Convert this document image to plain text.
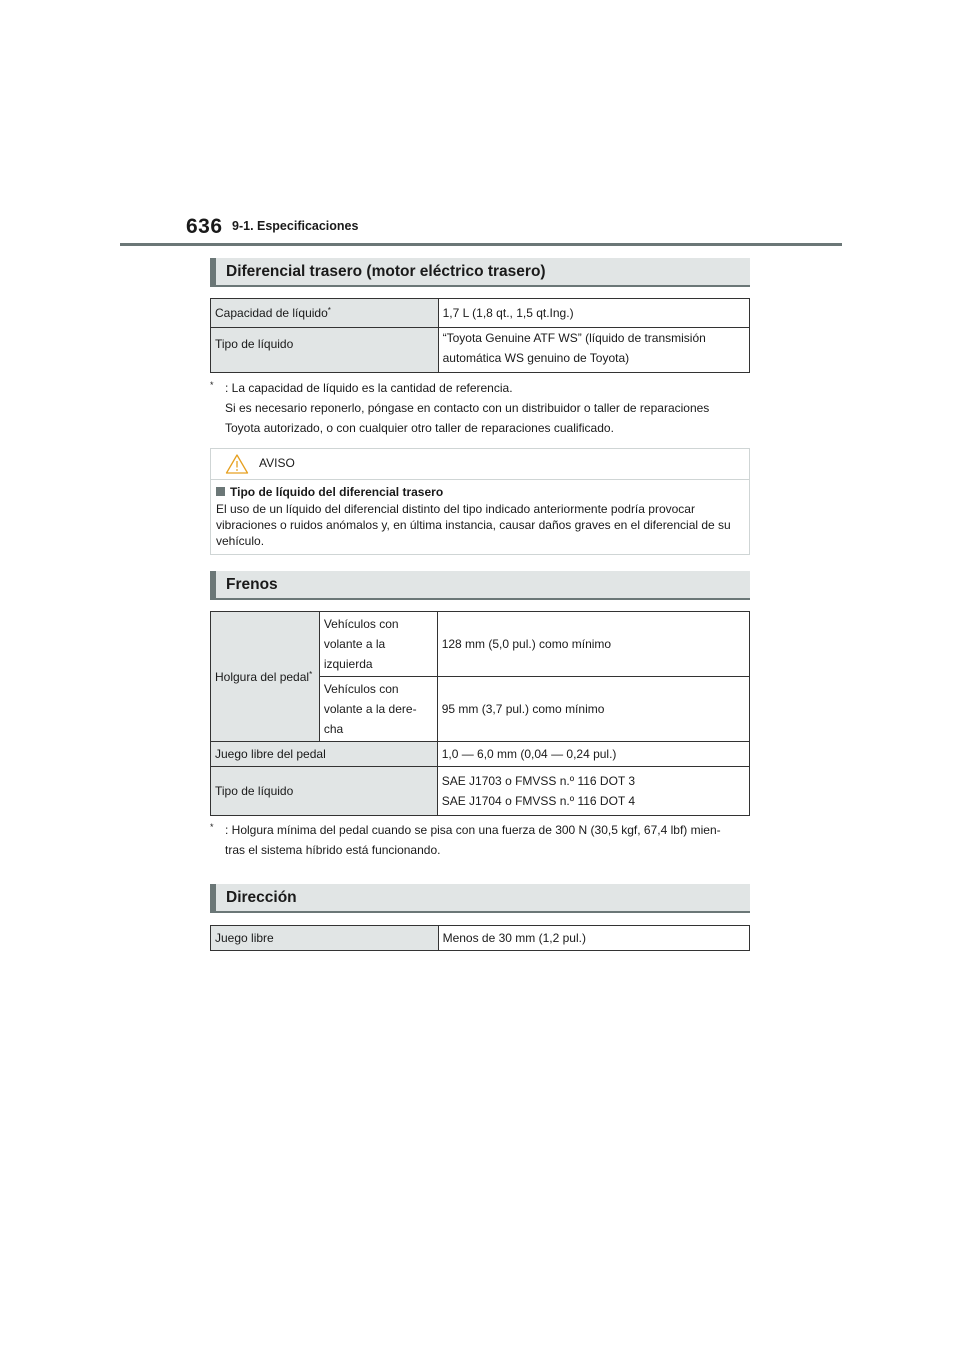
636 9-1. Especificaciones
Diferencial trasero (motor eléctrico trasero)
Capacidad de líquido*	1,7 L (1,8 qt., 1,5 qt.Ing.)
Tipo de líquido	“Toyota Genuine ATF WS” (líquido de transmisión
automática WS genuino de Toyota)
* : La capacidad de líquido es la cantidad de referencia.
Si es necesario reponerlo, póngase en contacto con un distribuidor o taller de reparaciones
Toyota autorizado, o con cualquier otro taller de reparaciones cualificado.
AVISO
Tipo de líquido del diferencial trasero
El uso de un líquido del diferencial distinto del tipo indicado anteriormente podría provocar vibraciones o ruidos anómalos y, en última instancia, causar daños graves en el diferencial de su vehículo.
Frenos
Holgura del pedal*	Vehículos con
volante a la
izquierda	128 mm (5,0 pul.) como mínimo

	Vehículos con
volante a la dere-
cha	95 mm (3,7 pul.) como mínimo
Juego libre del pedal		1,0 — 6,0 mm (0,04 — 0,24 pul.)
Tipo de líquido		SAE J1703 o FMVSS n.º 116 DOT 3
SAE J1704 o FMVSS n.º 116 DOT 4
* : Holgura mínima del pedal cuando se pisa con una fuerza de 300 N (30,5 kgf, 67,4 lbf) mien-
tras el sistema híbrido está funcionando.
Dirección
Juego libre	Menos de 30 mm (1,2 pul.)
